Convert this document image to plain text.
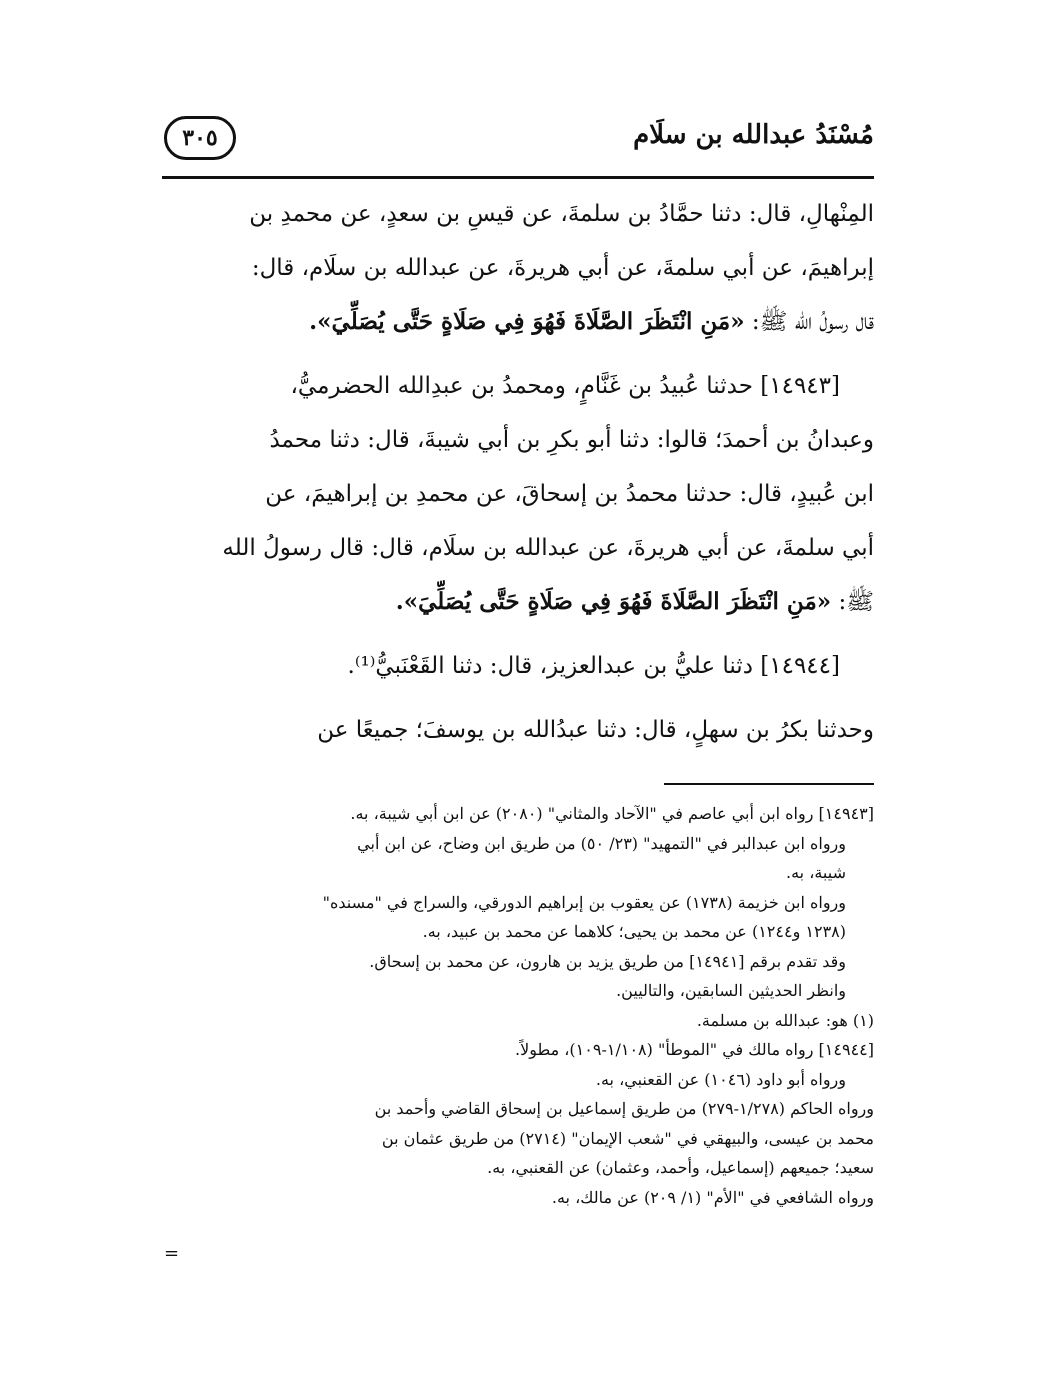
مُسْنَدُ عبدالله بن سلَام
٣٠٥

المِنْهالِ، قال: دثنا حمَّادُ بن سلمةَ، عن قيسِ بن سعدٍ، عن محمدِ بن

إبراهيمَ، عن أبي سلمةَ، عن أبي هريرةَ، عن عبدالله بن سلَام، قال:

قال رسولُ الله ﷺ: «مَنِ انْتَظَرَ الصَّلَاةَ فَهُوَ فِي صَلَاةٍ حَتَّى يُصَلِّيَ».

[١٤٩٤٣] حدثنا عُبيدُ بن غَنَّامٍ، ومحمدُ بن عبدِالله الحضرميُّ،

وعبدانُ بن أحمدَ؛ قالوا: دثنا أبو بكرِ بن أبي شيبةَ، قال: دثنا محمدُ

ابن عُبيدٍ، قال: حدثنا محمدُ بن إسحاقَ، عن محمدِ بن إبراهيمَ، عن

أبي سلمةَ، عن أبي هريرةَ، عن عبدالله بن سلَام، قال: قال رسولُ الله

ﷺ: «مَنِ انْتَظَرَ الصَّلَاةَ فَهُوَ فِي صَلَاةٍ حَتَّى يُصَلِّيَ».

[١٤٩٤٤] دثنا عليُّ بن عبدالعزيز، قال: دثنا القَعْنَبيُّ⁽¹⁾.

وحدثنا بكرُ بن سهلٍ، قال: دثنا عبدُالله بن يوسفَ؛ جميعًا عن

[١٤٩٤٣] رواه ابن أبي عاصم في "الآحاد والمثاني" (٢٠٨٠) عن ابن أبي شيبة، به.

ورواه ابن عبدالبر في "التمهيد" (٢٣/ ٥٠) من طريق ابن وضاح، عن ابن أبي

شيبة، به.

ورواه ابن خزيمة (١٧٣٨) عن يعقوب بن إبراهيم الدورقي، والسراج في "مسنده"

(١٢٣٨ و١٢٤٤) عن محمد بن يحيى؛ كلاهما عن محمد بن عبيد، به.

وقد تقدم برقم [١٤٩٤١] من طريق يزيد بن هارون، عن محمد بن إسحاق.

وانظر الحديثين السابقين، والتاليين.

(١) هو: عبدالله بن مسلمة.

[١٤٩٤٤] رواه مالك في "الموطأ" (١/١٠٨-١٠٩)، مطولاً.

ورواه أبو داود (١٠٤٦) عن القعنبي، به.

ورواه الحاكم (١/٢٧٨-٢٧٩) من طريق إسماعيل بن إسحاق القاضي وأحمد بن

محمد بن عيسى، والبيهقي في "شعب الإيمان" (٢٧١٤) من طريق عثمان بن

سعيد؛ جميعهم (إسماعيل، وأحمد، وعثمان) عن القعنبي، به.

ورواه الشافعي في "الأم" (١/ ٢٠٩) عن مالك، به.

=
